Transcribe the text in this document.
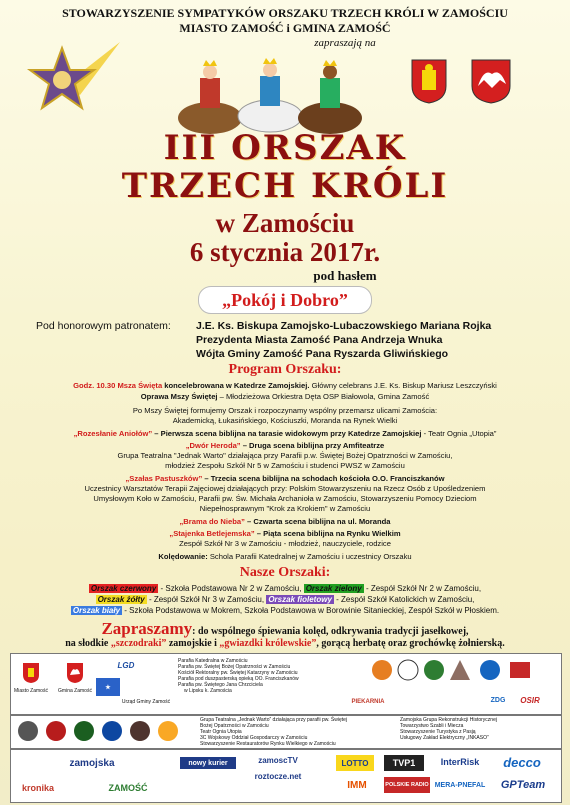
STOWARZYSZENIE SYMPATYKÓW ORSZAKU TRZECH KRÓLI W ZAMOŚCIU
MIASTO ZAMOŚĆ i GMINA ZAMOŚĆ
zapraszają na
III ORSZAK
TRZECH KRÓLI
w Zamościu
6 stycznia 2017r.
pod hasłem
„Pokój i Dobro”
Pod honorowym patronatem: J.E. Ks. Biskupa Zamojsko-Lubaczowskiego Mariana Rojka
Prezydenta Miasta Zamość Pana Andrzeja Wnuka
Wójta Gminy Zamość Pana Ryszarda Gliwińskiego
Program Orszaku:
Godz. 10.30 Msza Święta koncelebrowana w Katedrze Zamojskiej. Główny celebrans J.E. Ks. Biskup Mariusz Leszczyński
Oprawa Mszy Świętej – Młodzieżowa Orkiestra Dęta OSP Białowola, Gmina Zamość
Po Mszy Świętej formujemy Orszak i rozpoczynamy wspólny przemarsz ulicami Zamościa:
Akademicką, Łukasińskiego, Kościuszki, Moranda na Rynek Wielki
„Rozesłanie Aniołów” – Pierwsza scena biblijna na tarasie widokowym przy Katedrze Zamojskiej - Teatr Ognia „Utopia”
„Dwór Heroda” – Druga scena biblijna przy Amfiteatrze
Grupa Teatralna "Jednak Warto" działająca przy Parafii p.w. Świętej Bożej Opatrzności w Zamościu,
młodzież Zespołu Szkół Nr 5 w Zamościu i studenci PWSZ w Zamościu
„Szałas Pastuszków” – Trzecia scena biblijna na schodach kościoła O.O. Franciszkanów
Uczestnicy Warsztatów Terapii Zajęciowej działających przy: Polskim Stowarzyszeniu na Rzecz Osób z Upośledzeniem
Umysłowym Koło w Zamościu, Parafii pw. Św. Michała Archanioła w Zamościu, Stowarzyszeniu Pomocy Dzieciom
Niepełnosprawnym "Krok za Krokiem" w Zamościu
„Brama do Nieba” – Czwarta scena biblijna na ul. Moranda
„Stajenka Betlejemska” – Piąta scena biblijna na Rynku Wielkim
Zespół Szkół Nr 3 w Zamościu - młodzież, nauczyciele, rodzice
Kolędowanie: Schola Parafii Katedralnej w Zamościu i uczestnicy Orszaku
Nasze Orszaki:
Orszak czerwony - Szkoła Podstawowa Nr 2 w Zamościu, Orszak zielony - Zespół Szkół Nr 2 w Zamościu,
Orszak żółty - Zespół Szkół Nr 3 w Zamościu, Orszak fioletowy - Zespół Szkół Katolickich w Zamościu,
Orszak biały - Szkoła Podstawowa w Mokrem, Szkoła Podstawowa w Borowinie Sitanieckiej, Zespół Szkół w Płoskiem.
Zapraszamy: do wspólnego śpiewania kolęd, odkrywania tradycji jasełkowej,
na słodkie „szczodraki” zamojskie i „gwiazdki królewskie”, gorącą herbatę oraz grochówkę żołnierską.
Miasto Zamość Gmina Zamość
LGD
★
Urząd Gminy Zamość
Parafia Katedralna w Zamościu
Parafia pw. Świętej Bożej Opatrzności w Zamościu
Kościół Rektoralny pw. Świętej Katarzyny w Zamościu
Parafia pod duszpasterską opieką OO. Franciszkanów
Parafia pw. Świętego Jana Chrzciciela
w Lipsku k. Zamościa
PIEKARNIA	ZDG	OSIR
Grupa Teatralna „Jednak Warto” działająca przy parafii pw. Świętej Bożej Opatrzności w Zamościu
Teatr Ognia Utopia
3C Wojskowy Oddział Gospodarczy w Zamościu
Stowarzyszenie Restauratorów Rynku Wielkiego w Zamościu
Zamojska Grupa Rekonstrukcji Historycznej
Towarzystwo Szabli i Miecza
Stowarzyszenie Turystyka z Pasją
Usługowy Zakład Elektryczny „INKASO”
zamojska
kronika
zamoscTV
roztocze.net
ZAMOŚĆ
nowy kurier	LOTTO
IMM
TVP1
POLSKIE RADIO
InterRisk	decco
MERA-PNEFAL	GPTeam
